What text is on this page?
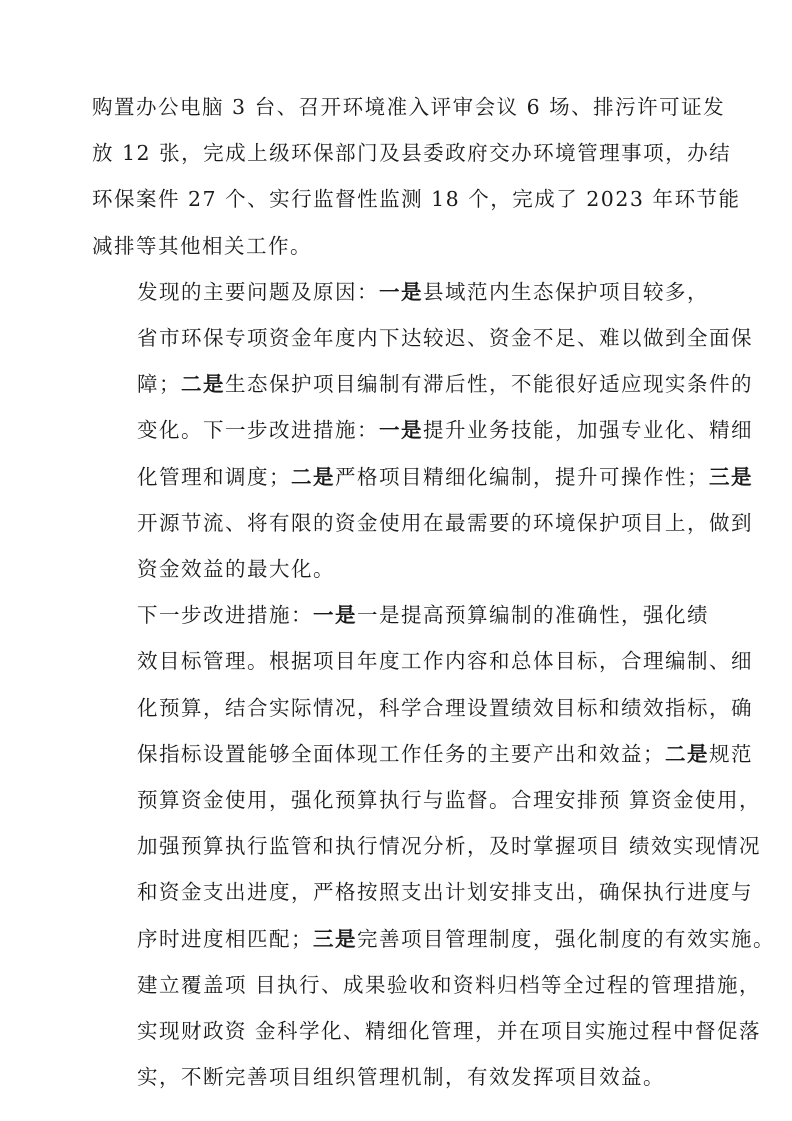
购置办公电脑 3 台、召开环境准入评审会议 6 场、排污许可证发
放 12 张，完成上级环保部门及县委政府交办环境管理事项，办结
环保案件 27 个、实行监督性监测 18 个，完成了 2023 年环节能
减排等其他相关工作。

发现的主要问题及原因：一是县域范内生态保护项目较多，
省市环保专项资金年度内下达较迟、资金不足、难以做到全面保
障；二是生态保护项目编制有滞后性，不能很好适应现实条件的
变化。下一步改进措施：一是提升业务技能，加强专业化、精细
化管理和调度；二是严格项目精细化编制，提升可操作性；三是
开源节流、将有限的资金使用在最需要的环境保护项目上，做到
资金效益的最大化。

下一步改进措施：一是一是提高预算编制的准确性，强化绩
效目标管理。根据项目年度工作内容和总体目标，合理编制、细
化预算，结合实际情况，科学合理设置绩效目标和绩效指标，确
保指标设置能够全面体现工作任务的主要产出和效益；二是规范
预算资金使用，强化预算执行与监督。合理安排预 算资金使用，
加强预算执行监管和执行情况分析，及时掌握项目 绩效实现情况
和资金支出进度，严格按照支出计划安排支出，确保执行进度与
序时进度相匹配；三是完善项目管理制度，强化制度的有效实施。
建立覆盖项 目执行、成果验收和资料归档等全过程的管理措施，
实现财政资 金科学化、精细化管理，并在项目实施过程中督促落
实，不断完善项目组织管理机制，有效发挥项目效益。
